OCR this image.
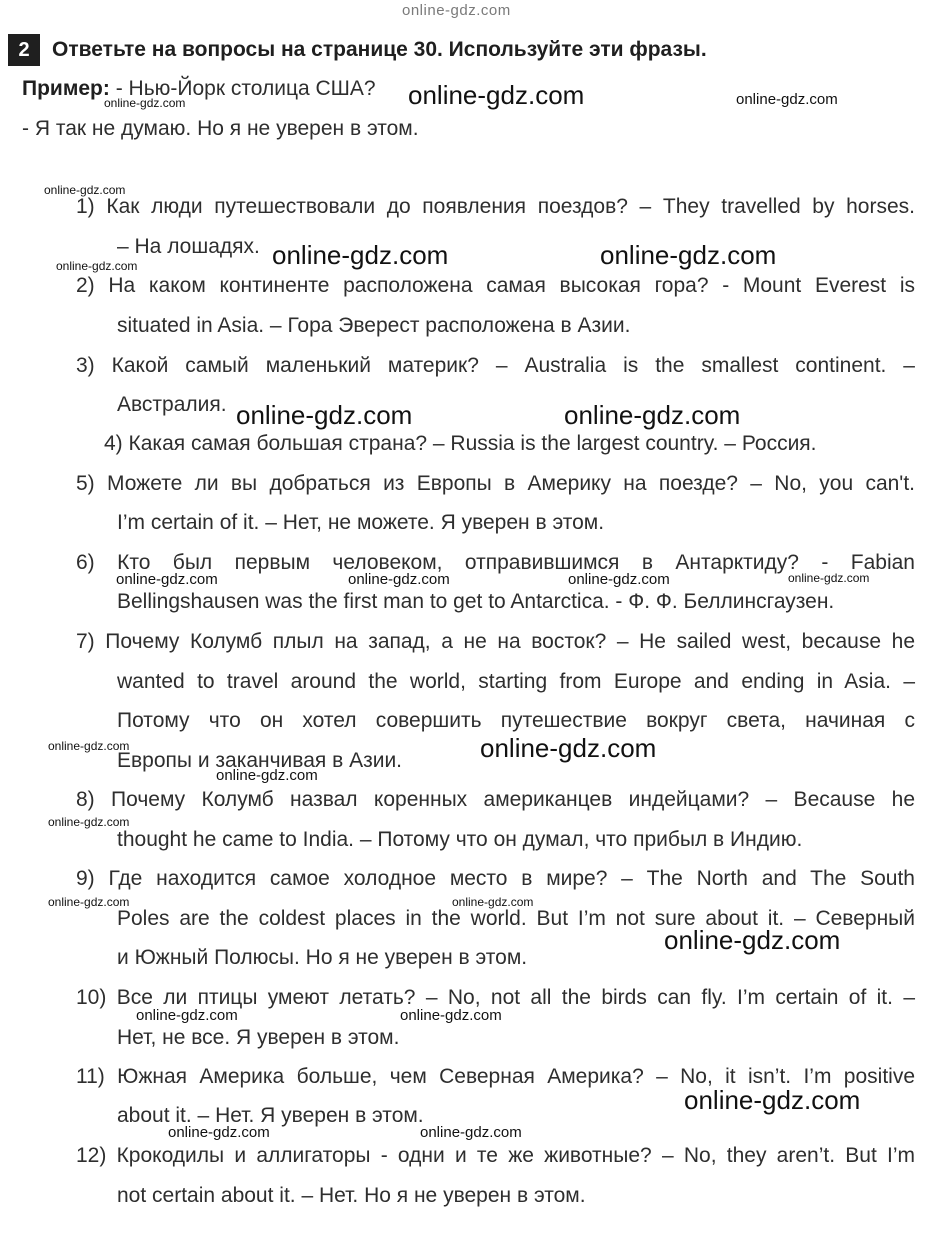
online-gdz.com
2	Ответьте на вопросы на странице 30. Используйте эти фразы.
Пример: - Нью-Йорк столица США?
- Я так не думаю. Но я не уверен в этом.
1) Как люди путешествовали до появления поездов? – They travelled by horses.
– На лошадях.
2) На каком континенте расположена самая высокая гора? - Mount Everest is
situated in Asia. – Гора Эверест расположена в Азии.
3) Какой самый маленький материк? – Australia is the smallest continent. –
Австралия.
4) Какая самая большая страна? – Russia is the largest country. – Россия.
5) Можете ли вы добраться из Европы в Америку на поезде? – No, you can't.
I’m certain of it. – Нет, не можете. Я уверен в этом.
6) Кто был первым человеком, отправившимся в Антарктиду? - Fabian
Bellingshausen was the first man to get to Antarctica. - Ф. Ф. Беллинсгаузен.
7) Почему Колумб плыл на запад, а не на восток? – He sailed west, because he
wanted to travel around the world, starting from Europe and ending in Asia. –
Потому что он хотел совершить путешествие вокруг света, начиная с
Европы и заканчивая в Азии.
8) Почему Колумб назвал коренных американцев индейцами? – Because he
thought he came to India. – Потому что он думал, что прибыл в Индию.
9) Где находится самое холодное место в мире? – The North and The South
Poles are the coldest places in the world. But I’m not sure about it. – Северный
и Южный Полюсы. Но я не уверен в этом.
10) Все ли птицы умеют летать? – No, not all the birds can fly. I’m certain of it. –
Нет, не все. Я уверен в этом.
11) Южная Америка больше, чем Северная Америка? – No, it isn’t. I’m positive
about it. – Нет. Я уверен в этом.
12) Крокодилы и аллигаторы - одни и те же животные? – No, they aren’t. But I’m
not certain about it. – Нет. Но я не уверен в этом.
online-gdz.com	online-gdz.com
online-gdz.com
online-gdz.com
online-gdz.com	online-gdz.com
online-gdz.com
online-gdz.com	online-gdz.com
online-gdz.com	online-gdz.com	online-gdz.com	online-gdz.com
online-gdz.com	online-gdz.com
online-gdz.com
online-gdz.com
online-gdz.com	online-gdz.com
online-gdz.com
online-gdz.com	online-gdz.com
online-gdz.com
online-gdz.com	online-gdz.com
